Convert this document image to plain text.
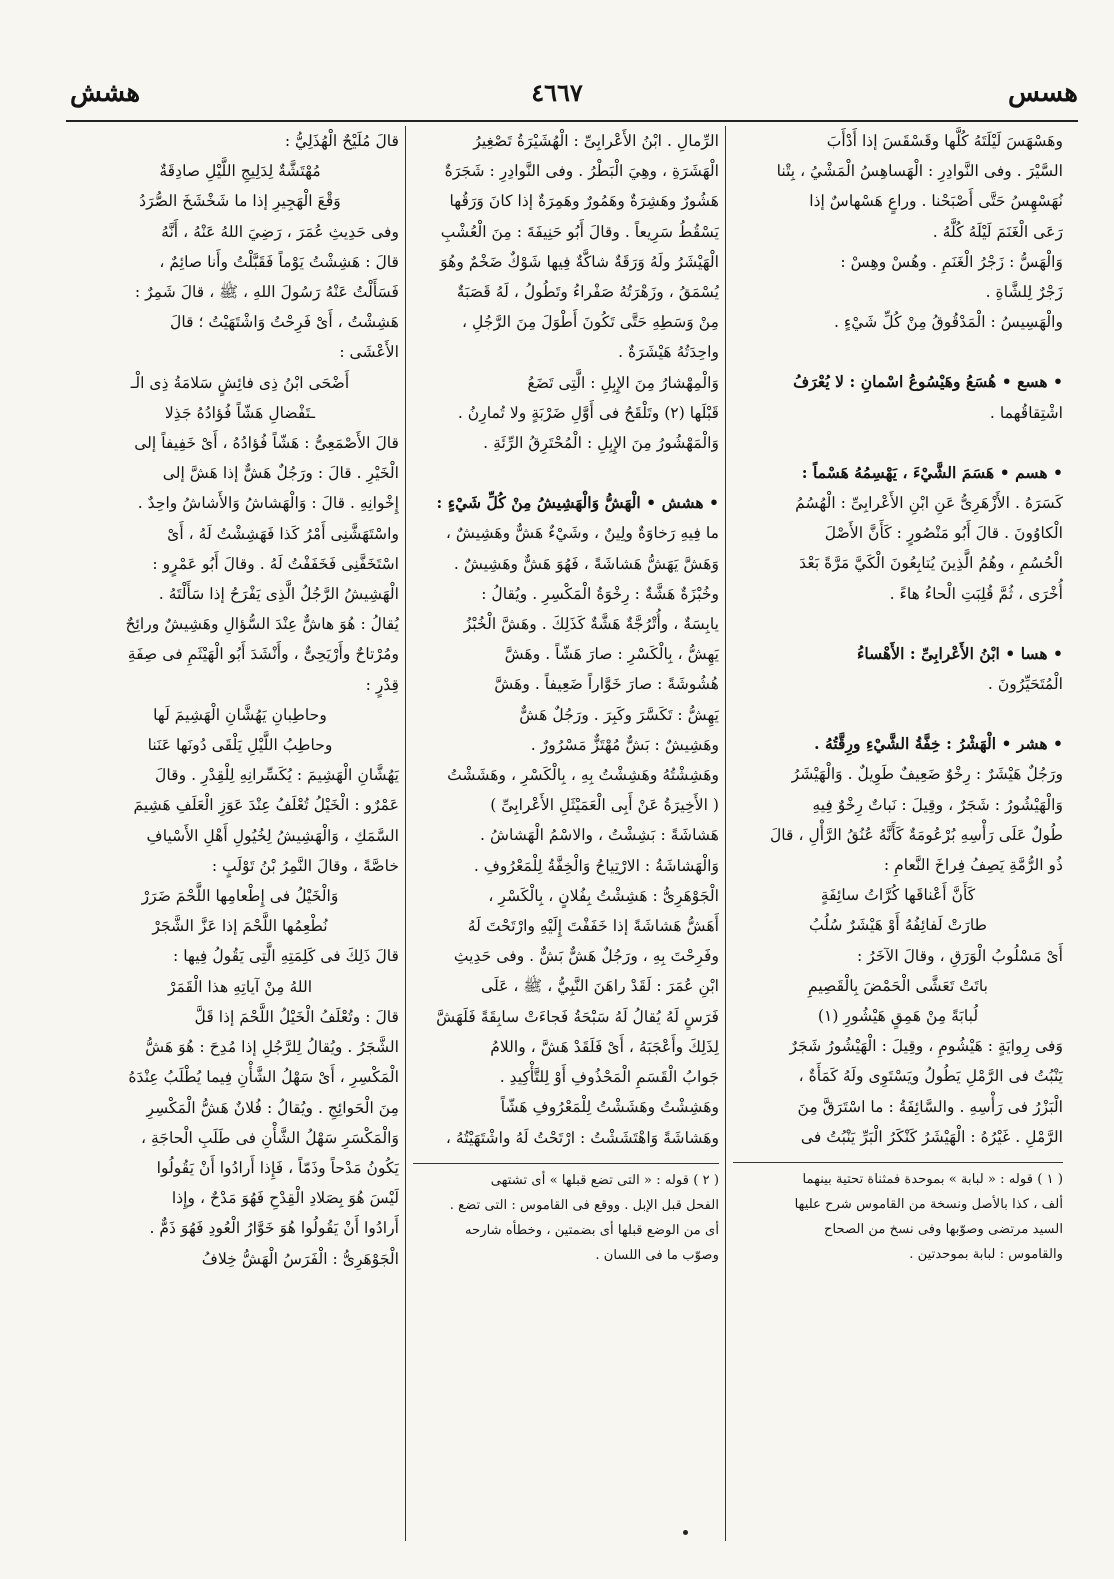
هسس
٤٦٦٧
هشش

وهَسْهَسَ لَيْلَتَهُ كُلَّها وقَسْقَسَ إذا أَدْأَبَ

السَّيْرَ . وفى النَّوادِرِ : الْهَساهِسُ الْمَشْيُ ، بِتْنا

نُهَسْهِسُ حَتَّى أَصْبَحْنا . وراعٍ هَسْهاسٌ إذا

رَعَى الْغَنَمَ لَيْلَهُ كُلَّهُ .

وَالْهَسُّ : زَجْرُ الْغَنَمِ . وهُسْ وهِسْ :

زَجْرٌ لِلشَّاةِ .

والْهَسِيسُ : الْمَدْقُوقُ مِنْ كُلِّ شَيْءٍ .

• هسع • هُسَعُ وهَيْسُوعُ اسْمانِ : لا يُعْرَفُ

اشْتِقاقُهما .

• هسم • هَسَمَ الشَّيْءَ ، يَهْسِمُهُ هَسْماً :

كَسَرَهُ . الأَزْهَرِىُّ عَنِ ابْنِ الأَعْرابِىِّ : الْهُسُمُ

الْكاوُونَ . قالَ أَبُو مَنْصُورٍ : كَأَنَّ الأَصْلَ

الْحُسُمِ ، وهُمُ الَّذِينَ يُتابِعُونَ الْكَيَّ مَرَّةً بَعْدَ

أُخْرَى ، ثُمَّ قُلِبَتِ الْحاءُ هاءً .

• هسا • ابْنُ الأَعْرابِىِّ : الأَهْساءُ

الْمُتَحَيِّرُونَ .

• هشر • الْهَشْرُ : خِفَّةُ الشَّيْءِ ورِقَّتُهُ .

ورَجُلٌ هَيْشَرٌ : رِخْوٌ ضَعِيفٌ طَوِيلٌ . وَالْهَيْشَرُ

وَالْهَيْشُورُ : شَجَرٌ ، وقِيلَ : نَباتٌ رِخْوٌ فِيهِ

طُولٌ عَلَى رَأْسِهِ بُرْعُومَةٌ كَأَنَّهُ عُنُقُ الرَّأْلِ ، قالَ

ذُو الرُّمَّةِ يَصِفُ فِراخَ النَّعامِ :

كَأَنَّ أَعْناقَها كُرَّاتُ سائِفَةٍ

طارَتْ لَفائِفُهُ أَوْ هَيْشَرٌ سُلُبُ

أَىْ مَسْلُوبُ الْوَرَقِ ، وقالَ الآخَرُ :

باتَتْ تَعَشَّى الْحَمْضَ بِالْقَصِيمِ

لُبابَةً مِنْ هَمِقٍ هَيْشُورِ (١)

وَفى رِوايَةٍ : هَيْشُومِ ، وقِيلَ : الْهَيْشُورُ شَجَرٌ

يَنْبُتُ فى الرَّمْلِ يَطُولُ ويَسْتَوِى ولَهُ كَمَأَةٌ ،

الْبَزْرُ فى رَأْسِهِ . والسَّائِفَةُ : ما اسْتَرَقَّ مِنَ

الرَّمْلِ . غَيْرُهُ : الْهَيْشَرُ كَنْكَرُ الْبَرِّ يَنْبُتُ فى

( ١ ) قوله : « لبابة » بموحدة فمثناة تحتية بينهما

ألف ، كذا بالأصل ونسخة من القاموس شرح عليها

السيد مرتضى وصوّبها وفى نسخ من الصحاح

والقاموس : لبابة بموحدتين .

الرِّمالِ . ابْنُ الأَعْرابِىِّ : الْهُشَيْرَةُ تَصْغِيرُ

الْهَشَرَةِ ، وهِيَ الْبَطْرُ . وفى النَّوادِرِ : شَجَرَةٌ

هَشُورٌ وهَشِرَةٌ وهَمُورٌ وهَمِرَةٌ إذا كانَ وَرَقُها

يَسْقُطُ سَرِيعاً . وقالَ أَبُو حَنِيفَةَ : مِنَ الْعُشْبِ

الْهَيْشَرُ ولَهُ وَرَقَةٌ شاكَّةٌ فِيها شَوْكٌ ضَخْمٌ وهُوَ

يُسْمَقُ ، وزَهْرَتُهُ صَفْراءُ وتَطُولُ ، لَهُ قَصَبَةٌ

مِنْ وَسَطِهِ حَتَّى تَكُونَ أَطْوَلَ مِنَ الرَّجُلِ ،

واحِدَتُهُ هَيْشَرَةٌ .

وَالْمِهْشارُ مِنَ الإِبِلِ : الَّتِى تَضَعُ

قَبْلَها (٢) وتَلْقَحُ فى أَوَّلِ ضَرْبَةٍ ولا تُمارِنُ .

وَالْمَهْشُورُ مِنَ الإِبِلِ : الْمُحْتَرِقُ الرِّئَةِ .

• هشش • الْهَشُّ وَالْهَشِيشُ مِنْ كُلِّ شَيْءٍ :

ما فِيهِ رَخاوَةٌ ولِينٌ ، وشَيْءٌ هَشٌّ وهَشِيشٌ ،

وَهَشَّ يَهَشُّ هَشاشَةً ، فَهُوَ هَشٌّ وهَشِيشٌ .

وخُبْزَةٌ هَشَّةٌ : رِخْوَةُ الْمَكْسِرِ . ويُقالُ :

يابِسَةٌ ، وأُتْرُجَّةٌ هَشَّةٌ كَذَلِكَ . وهَشَّ الْخُبْزُ

يَهِشُّ ، بِالْكَسْرِ : صارَ هَشّاً . وهَشَّ

هُشُوشَةً : صارَ خَوَّاراً ضَعِيفاً . وهَشَّ

يَهِشُّ : تَكَسَّرَ وكَبِرَ . ورَجُلٌ هَشٌّ

وهَشِيشٌ : بَشٌّ مُهْتَزٌّ مَسْرُورٌ .

وهَشِشْتُهُ وهَشِشْتُ بِهِ ، بِالْكَسْرِ ، وهَشَشْتُ

( الأَخِيرَةُ عَنْ أَبِى الْعَمَيْثَلِ الأَعْرابِىِّ )

هَشاشَةً : بَشِشْتُ ، والاسْمُ الْهَشاشُ .

وَالْهَشاشَةُ : الارْتِياحُ وَالْخِفَّةُ لِلْمَعْرُوفِ .

الْجَوْهَرِىُّ : هَشِشْتُ بِفُلانٍ ، بِالْكَسْرِ ،

أَهَشُّ هَشاشَةً إذا خَفَفْتَ إِلَيْهِ وارْتَحْتَ لَهُ

وفَرِحْتَ بِهِ ، ورَجُلٌ هَشٌّ بَشٌّ . وفى حَدِيثِ

ابْنِ عُمَرَ : لَقَدْ راهَنَ النَّبِيُّ ، ﷺ ، عَلَى

فَرَسٍ لَهُ يُقالُ لَهُ سَبْحَةُ فَجاءَتْ سابِقَةً فَلَهَشَّ

لِذَلِكَ وأَعْجَبَهُ ، أَىْ فَلَقَدْ هَشَّ ، واللامُ

جَوابُ الْقَسَمِ الْمَحْذُوفِ أَوْ لِلتَّأْكِيدِ .

وهَشِشْتُ وهَشَشْتُ لِلْمَعْرُوفِ هَشّاً

وهَشاشَةً وَاهْتَشَشْتُ : ارْتَحْتُ لَهُ واشْتَهَيْتُهُ ،

( ٢ ) قوله : « التى تضع قبلها » أى تشتهى

الفحل قبل الإبل . ووقع فى القاموس : التى تضع .

أى من الوضع قبلها أى بضمتين ، وخطأه شارحه

وصوّب ما فى اللسان .

قالَ مُلَيْحٌ الْهُذَلِيُّ :

مُهْتَشَّةٌ لِدَلِيجِ اللَّيْلِ صادِقَةٌ

وَقْعَ الْهَجِيرِ إذا ما شَخْشَخَ الصُّرَدُ

وفى حَدِيثِ عُمَرَ ، رَضِيَ اللهُ عَنْهُ ، أَنَّهُ

قالَ : هَشِشْتُ يَوْماً فَقَبَّلْتُ وأَنا صائِمٌ ،

فَسَأَلْتُ عَنْهُ رَسُولَ اللهِ ، ﷺ ، قالَ شَمِرٌ :

هَشِشْتُ ، أَىْ فَرِحْتُ وَاشْتَهَيْتُ ؛ قالَ

الأَعْشَى :

أَضْحَى ابْنُ ذِى فائِشٍ سَلامَةُ ذِى الْـ

ـتَفْضالِ هَشّاً فُؤادُهُ جَذِلا

قالَ الأَصْمَعِىُّ : هَشّاً فُؤادُهُ ، أَىْ خَفِيفاً إلى

الْخَيْرِ . قالَ : ورَجُلٌ هَشٌّ إذا هَشَّ إلى

إِخْوانِهِ . قالَ : وَالْهَشاشُ وَالأَشاشُ واحِدٌ .

واسْتَهَشَّنِى أَمْرُ كَذا فَهَشِشْتُ لَهُ ، أَىْ

اسْتَخَفَّنِى فَخَفَفْتُ لَهُ . وقالَ أَبُو عَمْرٍو :

الْهَشِيشُ الرَّجُلُ الَّذِى يَفْرَحُ إذا سَأَلْتَهُ .

يُقالُ : هُوَ هاشٌّ عِنْدَ السُّؤالِ وهَشِيشٌ ورائِحٌ

ومُرْتاحٌ وأَرْيَحِىٌّ ، وأَنْشَدَ أَبُو الْهَيْثَمِ فى صِفَةِ

قِدْرٍ :

وحاطِبانِ يَهُشَّانِ الْهَشِيمَ لَها

وحاطِبُ اللَّيْلِ يَلْقَى دُونَها عَنَنا

يَهُشَّانِ الْهَشِيمَ : يُكَسِّرانِهِ لِلْقِدْرِ . وقالَ

عَمْرٌو : الْخَيْلُ تُعْلَفُ عِنْدَ عَوَزِ الْعَلَفِ هَشِيمَ

السَّمَكِ ، وَالْهَشِيشُ لِخُيُولِ أَهْلِ الأَسْيافِ

خاصَّةً ، وقالَ النَّمِرُ بْنُ تَوْلَبٍ :

وَالْخَيْلُ فى إِطْعامِها اللَّحْمَ ضَرَرْ

نُطْعِمُها اللَّحْمَ إذا عَزَّ الشَّجَرْ

قالَ ذَلِكَ فى كَلِمَتِهِ الَّتِى يَقُولُ فِيها :

اللهُ مِنْ آياتِهِ هذا الْقَمَرْ

قالَ : وتُعْلَفُ الْخَيْلُ اللَّحْمَ إذا قَلَّ

الشَّجَرُ . ويُقالُ لِلرَّجُلِ إذا مُدِحَ : هُوَ هَشُّ

الْمَكْسِرِ ، أَىْ سَهْلُ الشَّأْنِ فِيما يُطْلَبُ عِنْدَهُ

مِنَ الْحَوائِجِ . ويُقالُ : فُلانٌ هَشُّ الْمَكْسِرِ

وَالْمَكْسَرِ سَهْلُ الشَّأْنِ فى طَلَبِ الْحاجَةِ ،

يَكُونُ مَدْحاً وذَمّاً ، فَإِذا أَرادُوا أَنْ يَقُولُوا

لَيْسَ هُوَ بِصَلادِ الْقِدْحِ فَهُوَ مَدْحٌ ، وإِذا

أَرادُوا أَنْ يَقُولُوا هُوَ خَوَّارُ الْعُودِ فَهُوَ ذَمٌّ .

الْجَوْهَرِىُّ : الْفَرَسُ الْهَشُّ خِلافُ
